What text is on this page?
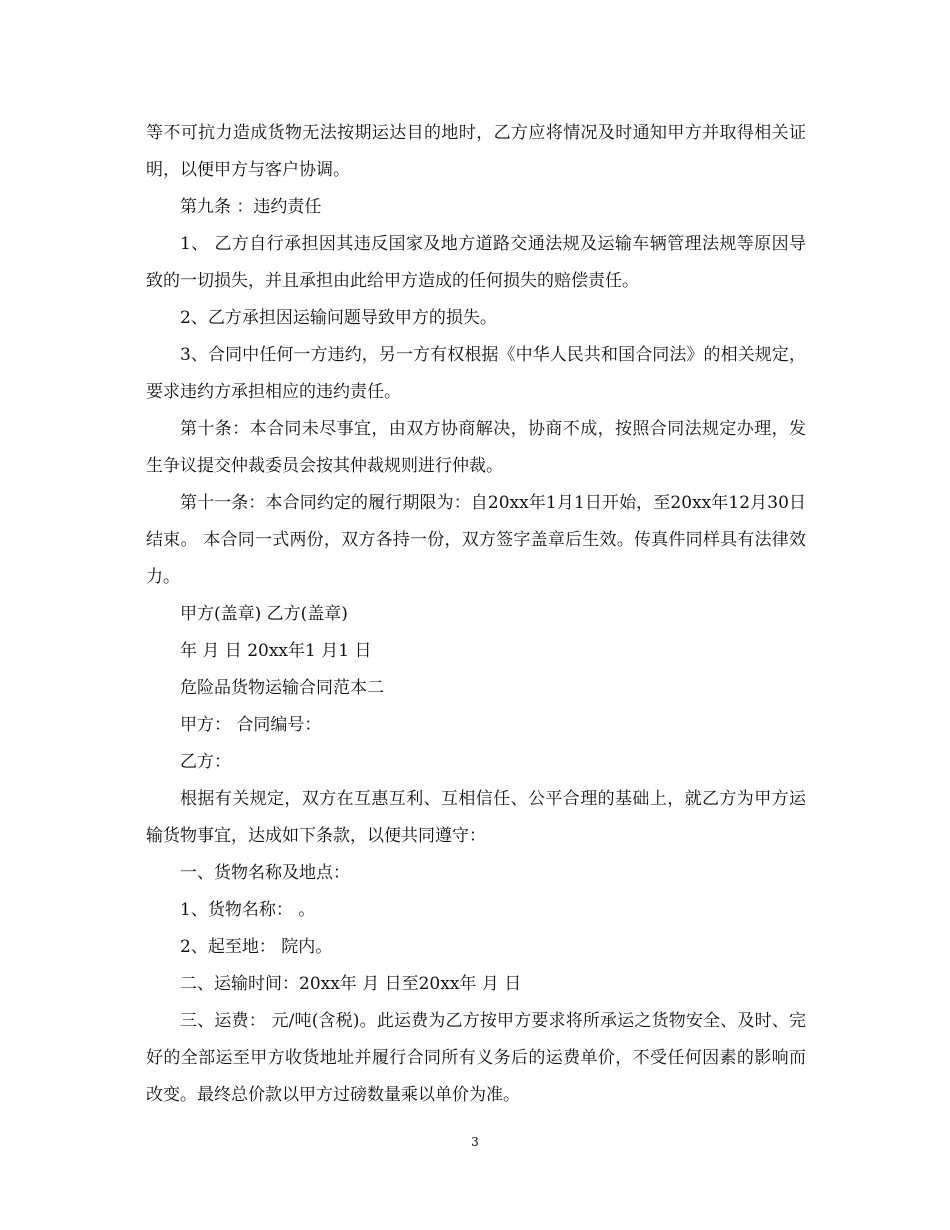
等不可抗力造成货物无法按期运达目的地时，乙方应将情况及时通知甲方并取得相关证明，以便甲方与客户协调。

第九条 ：违约责任

1、 乙方自行承担因其违反国家及地方道路交通法规及运输车辆管理法规等原因导致的一切损失，并且承担由此给甲方造成的任何损失的赔偿责任。

2、乙方承担因运输问题导致甲方的损失。

3、合同中任何一方违约，另一方有权根据《中华人民共和国合同法》的相关规定，要求违约方承担相应的违约责任。

第十条：本合同未尽事宜，由双方协商解决，协商不成，按照合同法规定办理，发生争议提交仲裁委员会按其仲裁规则进行仲裁。

第十一条：本合同约定的履行期限为：自20xx年1月1日开始，至20xx年12月30日结束。 本合同一式两份，双方各持一份，双方签字盖章后生效。传真件同样具有法律效力。

甲方(盖章) 乙方(盖章)

年 月 日 20xx年1 月1 日

危险品货物运输合同范本二

甲方： 合同编号：

乙方：

根据有关规定，双方在互惠互利、互相信任、公平合理的基础上，就乙方为甲方运输货物事宜，达成如下条款，以便共同遵守：

一、货物名称及地点：

1、货物名称： 。

2、起至地： 院内。

二、运输时间：20xx年 月 日至20xx年 月 日

三、运费： 元/吨(含税)。此运费为乙方按甲方要求将所承运之货物安全、及时、完好的全部运至甲方收货地址并履行合同所有义务后的运费单价，不受任何因素的影响而改变。最终总价款以甲方过磅数量乘以单价为准。

3
